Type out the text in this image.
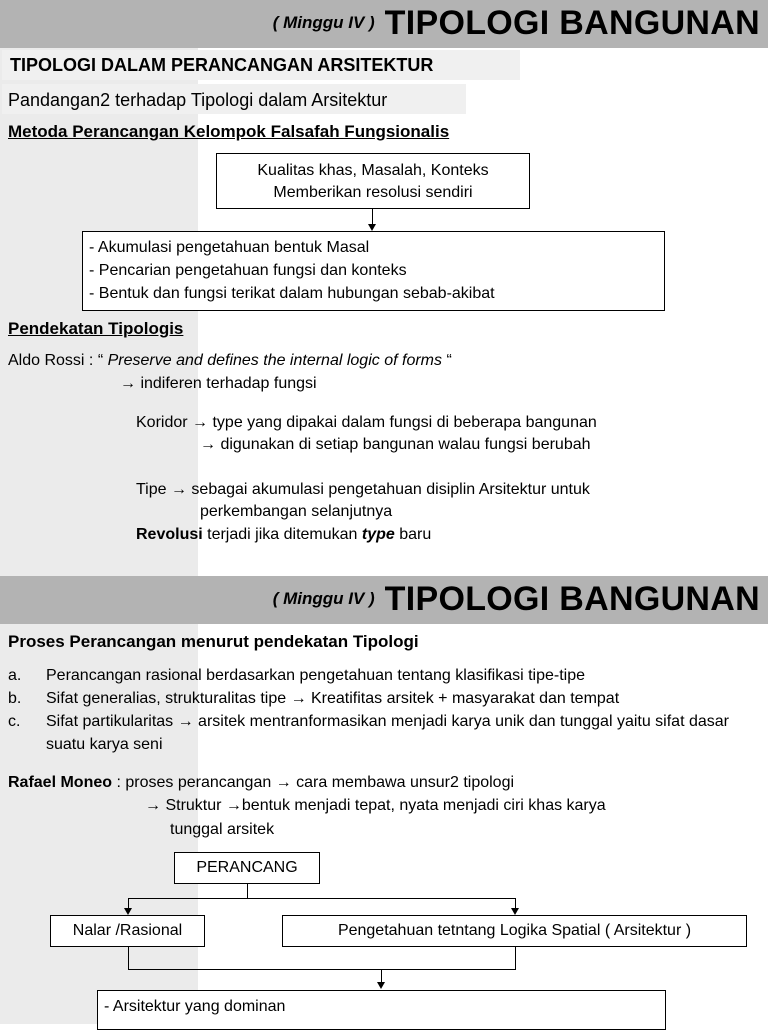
( Minggu IV ) TIPOLOGI BANGUNAN
TIPOLOGI DALAM PERANCANGAN ARSITEKTUR
Pandangan2 terhadap Tipologi dalam Arsitektur
Metoda Perancangan Kelompok Falsafah Fungsionalis
Kualitas khas, Masalah, Konteks
Memberikan resolusi sendiri
- Akumulasi pengetahuan bentuk Masal
- Pencarian pengetahuan fungsi dan konteks
- Bentuk dan fungsi terikat dalam hubungan sebab-akibat
Pendekatan Tipologis
Aldo Rossi : “ Preserve and defines the internal logic of forms “
→ indiferen terhadap fungsi
Koridor → type yang dipakai dalam fungsi di beberapa bangunan
→ digunakan di setiap bangunan walau fungsi berubah
Tipe → sebagai akumulasi pengetahuan disiplin Arsitektur untuk
perkembangan selanjutnya
Revolusi terjadi jika ditemukan type baru
( Minggu IV ) TIPOLOGI BANGUNAN
Proses Perancangan menurut pendekatan Tipologi
a. Perancangan rasional berdasarkan pengetahuan tentang klasifikasi tipe-tipe
b. Sifat generalias, strukturalitas tipe → Kreatifitas arsitek + masyarakat dan tempat
c. Sifat partikularitas → arsitek mentranformasikan menjadi karya unik dan tunggal yaitu sifat dasar suatu karya seni
Rafael Moneo : proses perancangan → cara membawa unsur2 tipologi
→ Struktur →bentuk menjadi tepat, nyata menjadi ciri khas karya
tunggal arsitek
PERANCANG
Nalar /Rasional	Pengetahuan tetntang Logika Spatial ( Arsitektur )
- Arsitektur yang dominan
